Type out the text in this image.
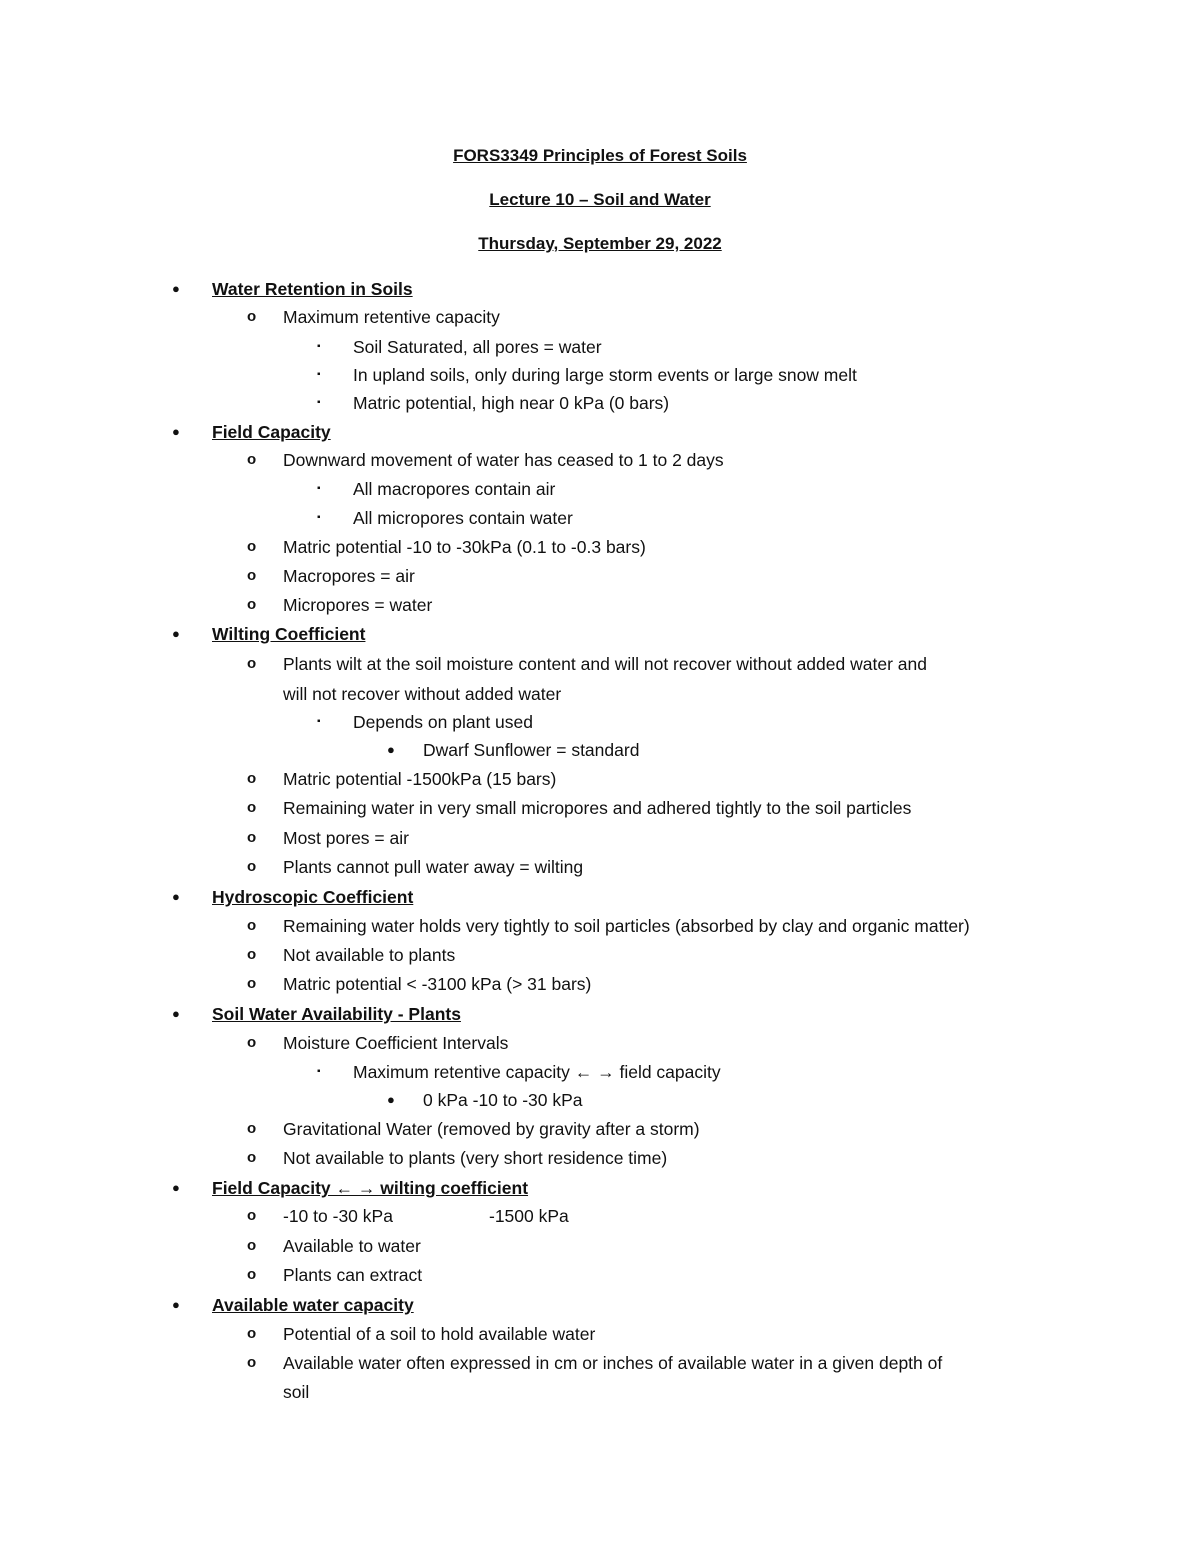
FORS3349 Principles of Forest Soils
Lecture 10 – Soil and Water
Thursday, September 29, 2022
● Water Retention in Soils
o Maximum retentive capacity
▪ Soil Saturated, all pores = water
▪ In upland soils, only during large storm events or large snow melt
▪ Matric potential, high near 0 kPa (0 bars)
● Field Capacity
o Downward movement of water has ceased to 1 to 2 days
▪ All macropores contain air
▪ All micropores contain water
o Matric potential -10 to -30kPa (0.1 to -0.3 bars)
o Macropores = air
o Micropores = water
● Wilting Coefficient
o Plants wilt at the soil moisture content and will not recover without added water and
will not recover without added water
▪ Depends on plant used
● Dwarf Sunflower = standard
o Matric potential -1500kPa (15 bars)
o Remaining water in very small micropores and adhered tightly to the soil particles
o Most pores = air
o Plants cannot pull water away = wilting
● Hydroscopic Coefficient
o Remaining water holds very tightly to soil particles (absorbed by clay and organic matter)
o Not available to plants
o Matric potential < -3100 kPa (> 31 bars)
● Soil Water Availability - Plants
o Moisture Coefficient Intervals
▪ Maximum retentive capacity ← → field capacity
● 0 kPa -10 to -30 kPa
o Gravitational Water (removed by gravity after a storm)
o Not available to plants (very short residence time)
● Field Capacity ← → wilting coefficient
o -10 to -30 kPa	-1500 kPa
o Available to water
o Plants can extract
● Available water capacity
o Potential of a soil to hold available water
o Available water often expressed in cm or inches of available water in a given depth of
soil
